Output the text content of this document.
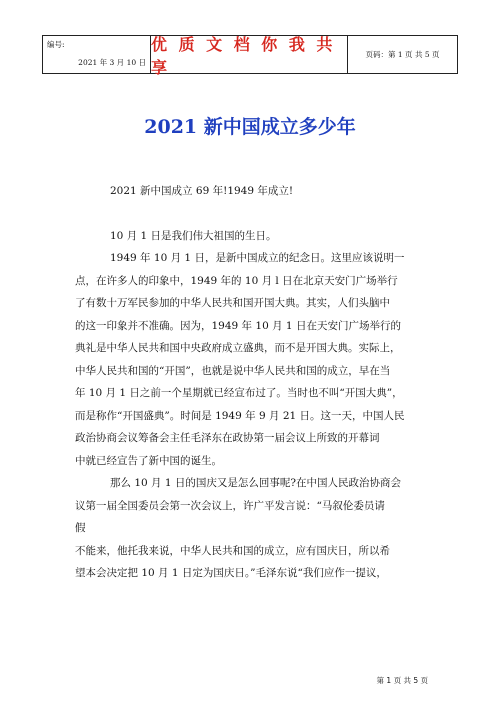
编号:
2021 年 3 月 10 日
优 质 文 档 你 我 共 享
页码：第 1 页 共 5 页
2021 新中国成立多少年
2021 新中国成立 69 年!1949 年成立!
10 月 1 日是我们伟大祖国的生日。
1949 年 10 月 1 日，是新中国成立的纪念日。这里应该说明一
点，在许多人的印象中，1949 年的 10 月 l 日在北京天安门广场举行
了有数十万军民参加的中华人民共和国开国大典。其实，人们头脑中
的这一印象并不准确。因为，1949 年 10 月 1 日在天安门广场举行的
典礼是中华人民共和国中央政府成立盛典，而不是开国大典。实际上，
中华人民共和国的“开国”，也就是说中华人民共和国的成立，早在当
年 10 月 1 日之前一个星期就已经宣布过了。当时也不叫“开国大典”，
而是称作“开国盛典”。时间是 1949 年 9 月 21 日。这一天，中国人民
政治协商会议筹备会主任毛泽东在政协第一届会议上所致的开幕词
中就已经宣告了新中国的诞生。
那么 10 月 1 日的国庆又是怎么回事呢?在中国人民政治协商会
议第一届全国委员会第一次会议上，许广平发言说：“马叙伦委员请
假
不能来，他托我来说，中华人民共和国的成立，应有国庆日，所以希
望本会决定把 10 月 1 日定为国庆日。”毛泽东说“我们应作一提议，
第 1 页 共 5 页
